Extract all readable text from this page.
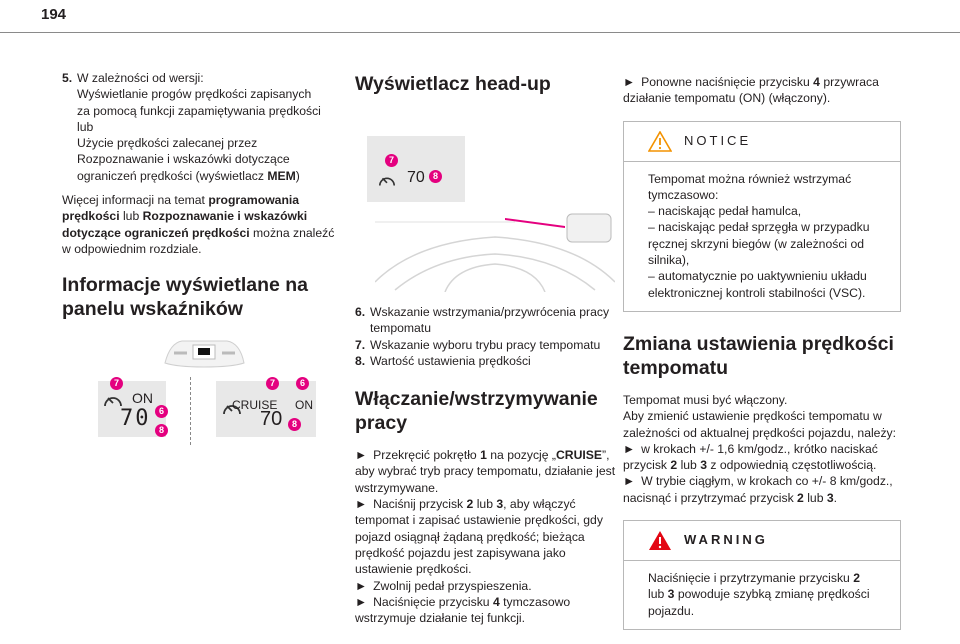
194
5. W zależności od wersji:
Wyświetlanie progów prędkości zapisanych
za pomocą funkcji zapamiętywania prędkości
lub
Użycie prędkości zalecanej przez
Rozpoznawanie i wskazówki dotyczące
ograniczeń prędkości (wyświetlacz MEM)

Więcej informacji na temat programowania prędkości lub Rozpoznawanie i wskazówki dotyczące ograniczeń prędkości można znaleźć w odpowiednim rozdziale.

Informacje wyświetlane na panelu wskaźników
ON
70
7
6
8
CRUISE ON
70
7	6
8
Wyświetlacz head-up
70
7
8
6. Wskazanie wstrzymania/przywrócenia pracy tempomatu
7. Wskazanie wyboru trybu pracy tempomatu
8. Wartość ustawienia prędkości
Włączanie/wstrzymywanie pracy

► Przekręcić pokrętło 1 na pozycję „CRUISE”, aby wybrać tryb pracy tempomatu, działanie jest wstrzymywane.

► Naciśnij przycisk 2 lub 3, aby włączyć tempomat i zapisać ustawienie prędkości, gdy pojazd osiągnął żądaną prędkość; bieżąca prędkość pojazdu jest zapisywana jako ustawienie prędkości.

► Zwolnij pedał przyspieszenia.

► Naciśnięcie przycisku 4 tymczasowo wstrzymuje działanie tej funkcji.

► Ponowne naciśnięcie przycisku 4 przywraca działanie tempomatu (ON) (włączony).

NOTICE
Tempomat można również wstrzymać tymczasowo:
– naciskając pedał hamulca,
– naciskając pedał sprzęgła w przypadku ręcznej skrzyni biegów (w zależności od silnika),
– automatycznie po uaktywnieniu układu elektronicznej kontroli stabilności (VSC).
Zmiana ustawienia prędkości tempomatu

Tempomat musi być włączony.

Aby zmienić ustawienie prędkości tempomatu w zależności od aktualnej prędkości pojazdu, należy:

► w krokach +/- 1,6 km/godz., krótko naciskać przycisk 2 lub 3 z odpowiednią częstotliwością.

► W trybie ciągłym, w krokach co +/- 8 km/godz., nacisnąć i przytrzymać przycisk 2 lub 3.

WARNING
Naciśnięcie i przytrzymanie przycisku 2 lub 3 powoduje szybką zmianę prędkości pojazdu.
